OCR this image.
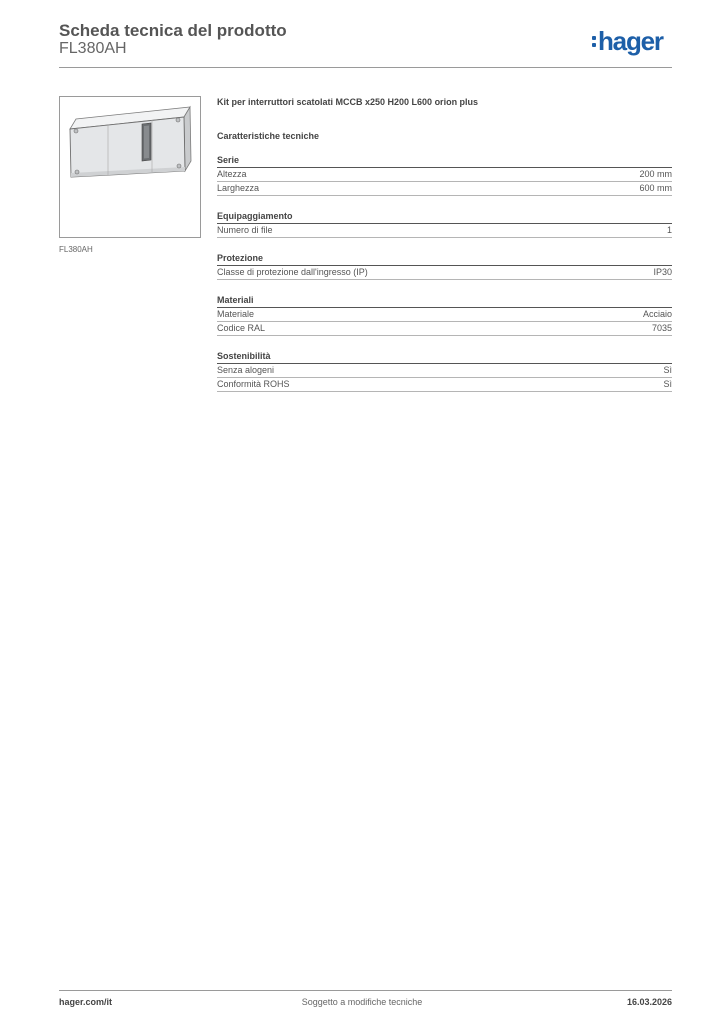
Scheda tecnica del prodotto
FL380AH	hager
FL380AH
Kit per interruttori scatolati MCCB x250 H200 L600 orion plus
Caratteristiche tecniche
Serie
Altezza	200 mm
Larghezza	600 mm
Equipaggiamento
Numero di file	1
Protezione
Classe di protezione dall'ingresso (IP)	IP30
Materiali
Materiale	Acciaio
Codice RAL	7035
Sostenibilità
Senza alogeni	Sì
Conformità ROHS	Sì
hager.com/it	Soggetto a modifiche tecniche	16.03.2026
